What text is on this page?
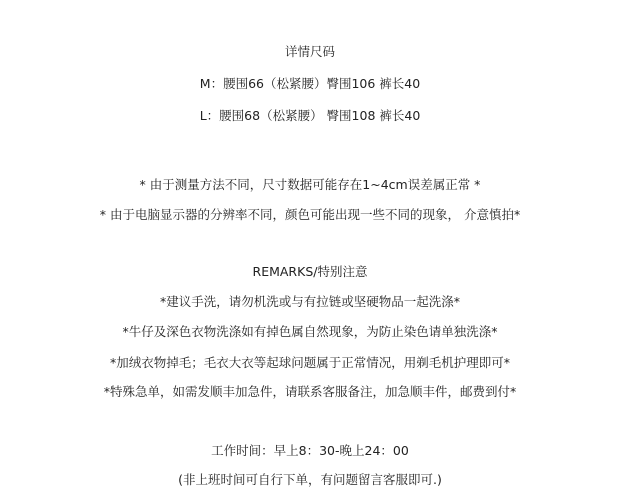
详情尺码
M：腰围66（松紧腰）臀围106 裤长40
L：腰围68（松紧腰） 臀围108 裤长40
* 由于测量方法不同，尺寸数据可能存在1~4cm误差属正常 *
* 由于电脑显示器的分辨率不同，颜色可能出现一些不同的现象， 介意慎拍*
REMARKS/特别注意
*建议手洗，请勿机洗或与有拉链或坚硬物品一起洗涤*
*牛仔及深色衣物洗涤如有掉色属自然现象，为防止染色请单独洗涤*
*加绒衣物掉毛；毛衣大衣等起球问题属于正常情况，用剃毛机护理即可*
*特殊急单，如需发顺丰加急件，请联系客服备注，加急顺丰件，邮费到付*
工作时间：早上8：30-晚上24：00
(非上班时间可自行下单，有问题留言客服即可.)
